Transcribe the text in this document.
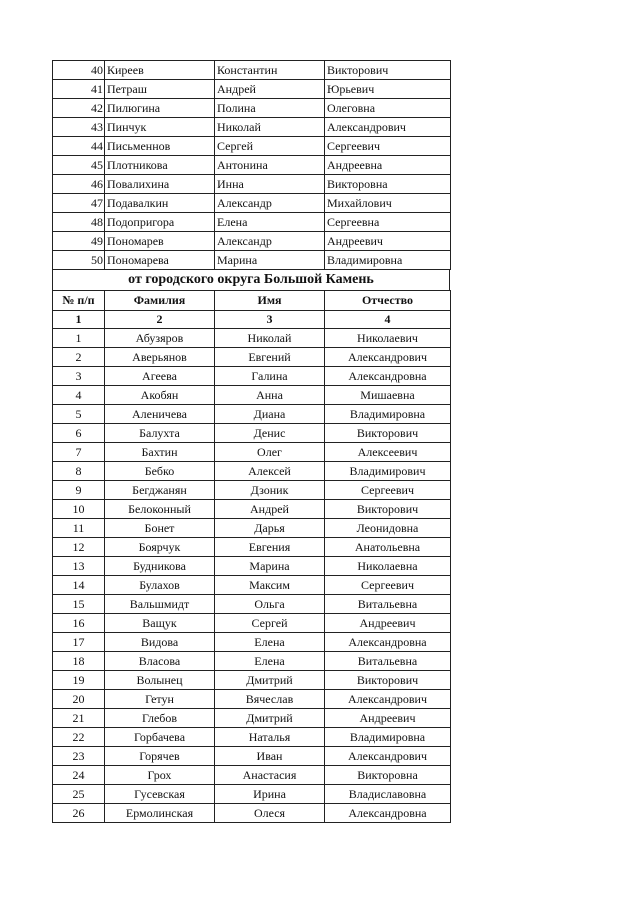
40	Киреев	Константин	Викторович
41	Петраш	Андрей	Юрьевич
42	Пилюгина	Полина	Олеговна
43	Пинчук	Николай	Александрович
44	Письменнов	Сергей	Сергеевич
45	Плотникова	Антонина	Андреевна
46	Повалихина	Инна	Викторовна
47	Подавалкин	Александр	Михайлович
48	Подопригора	Елена	Сергеевна
49	Пономарев	Александр	Андреевич
50	Пономарева	Марина	Владимировна
от городского округа Большой Камень
№ п/п	Фамилия	Имя	Отчество
1	2	3	4
1	Абузяров	Николай	Николаевич
2	Аверьянов	Евгений	Александрович
3	Агеева	Галина	Александровна
4	Акобян	Анна	Мишаевна
5	Аленичева	Диана	Владимировна
6	Балухта	Денис	Викторович
7	Бахтин	Олег	Алексеевич
8	Бебко	Алексей	Владимирович
9	Бегджанян	Дзоник	Сергеевич
10	Белоконный	Андрей	Викторович
11	Бонет	Дарья	Леонидовна
12	Боярчук	Евгения	Анатольевна
13	Будникова	Марина	Николаевна
14	Булахов	Максим	Сергеевич
15	Вальшмидт	Ольга	Витальевна
16	Ващук	Сергей	Андреевич
17	Видова	Елена	Александровна
18	Власова	Елена	Витальевна
19	Волынец	Дмитрий	Викторович
20	Гетун	Вячеслав	Александрович
21	Глебов	Дмитрий	Андреевич
22	Горбачева	Наталья	Владимировна
23	Горячев	Иван	Александрович
24	Грох	Анастасия	Викторовна
25	Гусевская	Ирина	Владиславовна
26	Ермолинская	Олеся	Александровна
